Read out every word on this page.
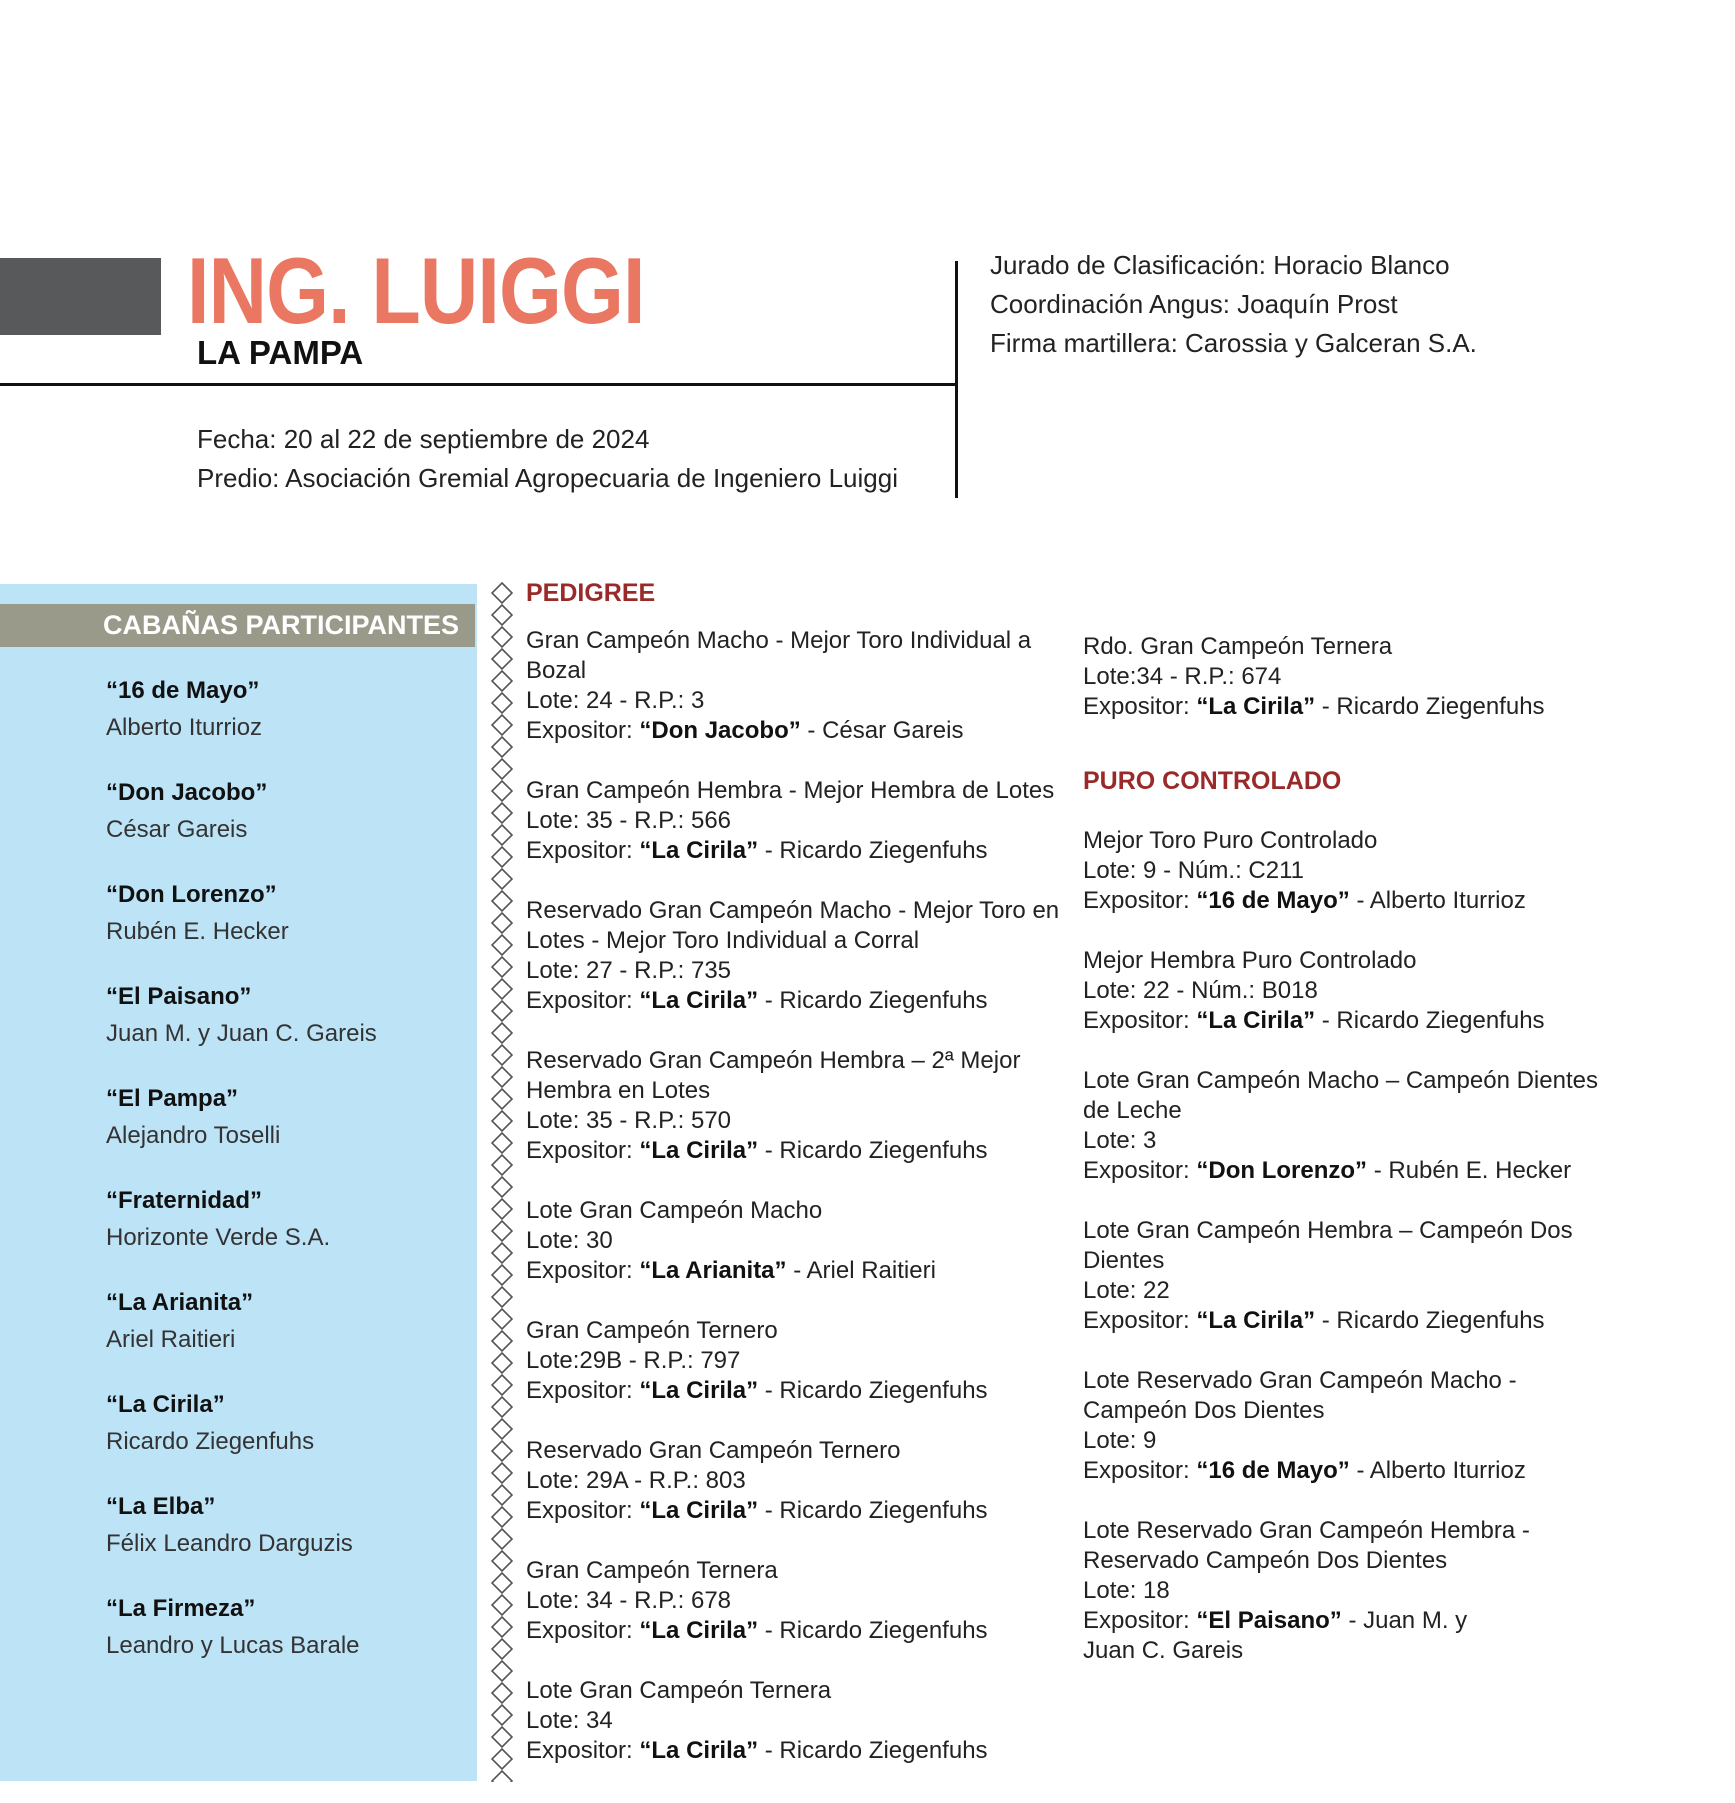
ING. LUIGGI
LA PAMPA
Fecha: 20 al 22 de septiembre de 2024
Predio: Asociación Gremial Agropecuaria de Ingeniero Luiggi
Jurado de Clasificación: Horacio Blanco
Coordinación Angus: Joaquín Prost
Firma martillera: Carossia y Galceran S.A.
CABAÑAS PARTICIPANTES
“16 de Mayo”
Alberto Iturrioz
“Don Jacobo”
César Gareis
“Don Lorenzo”
Rubén E. Hecker
“El Paisano”
Juan M. y Juan C. Gareis
“El Pampa”
Alejandro Toselli
“Fraternidad”
Horizonte Verde S.A.
“La Arianita”
Ariel Raitieri
“La Cirila”
Ricardo Ziegenfuhs
“La Elba”
Félix Leandro Darguzis
“La Firmeza”
Leandro y Lucas Barale
PEDIGREE
Gran Campeón Macho - Mejor Toro Individual a
Bozal
Lote: 24 - R.P.: 3
Expositor: “Don Jacobo” - César Gareis
Gran Campeón Hembra - Mejor Hembra de Lotes
Lote: 35 - R.P.: 566
Expositor: “La Cirila” - Ricardo Ziegenfuhs
Reservado Gran Campeón Macho - Mejor Toro en
Lotes - Mejor Toro Individual a Corral
Lote: 27 - R.P.: 735
Expositor: “La Cirila” - Ricardo Ziegenfuhs
Reservado Gran Campeón Hembra – 2ª Mejor
Hembra en Lotes
Lote: 35 - R.P.: 570
Expositor: “La Cirila” - Ricardo Ziegenfuhs
Lote Gran Campeón Macho
Lote: 30
Expositor: “La Arianita” - Ariel Raitieri
Gran Campeón Ternero
Lote:29B - R.P.: 797
Expositor: “La Cirila” - Ricardo Ziegenfuhs
Reservado Gran Campeón Ternero
Lote: 29A - R.P.: 803
Expositor: “La Cirila” - Ricardo Ziegenfuhs
Gran Campeón Ternera
Lote: 34 - R.P.: 678
Expositor: “La Cirila” - Ricardo Ziegenfuhs
Lote Gran Campeón Ternera
Lote: 34
Expositor: “La Cirila” - Ricardo Ziegenfuhs
Rdo. Gran Campeón Ternera
Lote:34 - R.P.: 674
Expositor: “La Cirila” - Ricardo Ziegenfuhs
PURO CONTROLADO
Mejor Toro Puro Controlado
Lote: 9 - Núm.: C211
Expositor: “16 de Mayo” - Alberto Iturrioz
Mejor Hembra Puro Controlado
Lote: 22 - Núm.: B018
Expositor: “La Cirila” - Ricardo Ziegenfuhs
Lote Gran Campeón Macho – Campeón Dientes
de Leche
Lote: 3
Expositor: “Don Lorenzo” - Rubén E. Hecker
Lote Gran Campeón Hembra – Campeón Dos
Dientes
Lote: 22
Expositor: “La Cirila” - Ricardo Ziegenfuhs
Lote Reservado Gran Campeón Macho -
Campeón Dos Dientes
Lote: 9
Expositor: “16 de Mayo” - Alberto Iturrioz
Lote Reservado Gran Campeón Hembra -
Reservado Campeón Dos Dientes
Lote: 18
Expositor: “El Paisano” - Juan M. y
Juan C. Gareis
